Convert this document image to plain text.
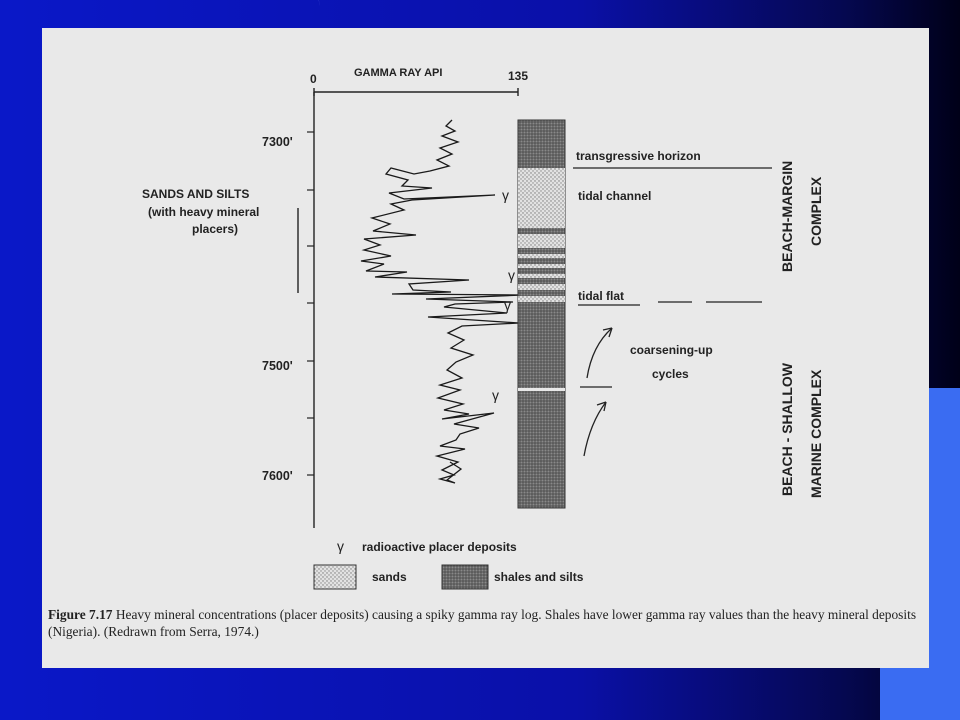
GAMMA RAY API
0	135
7300'
7500'
7600'
SANDS AND SILTS
(with heavy mineral
placers)
γ
γ
γ
γ
transgressive horizon
tidal channel
tidal flat
coarsening-up
cycles
BEACH-MARGIN COMPLEX
BEACH - SHALLOW MARINE COMPLEX
γ radioactive placer deposits
sands	shales and silts
Figure 7.17 Heavy mineral concentrations (placer deposits) causing a spiky gamma ray log. Shales have lower gamma ray values than the heavy mineral deposits (Nigeria). (Redrawn from Serra, 1974.)
